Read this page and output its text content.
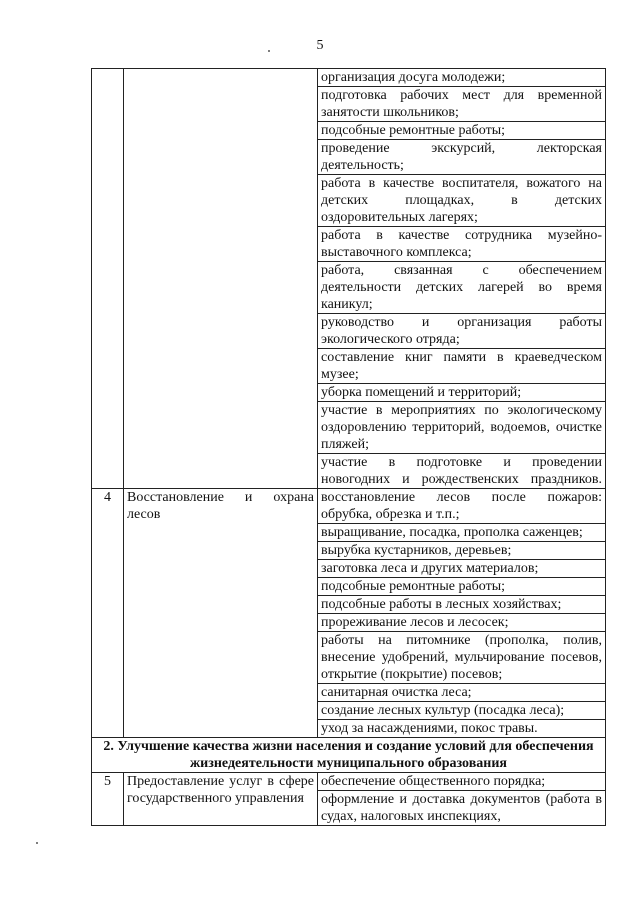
5
		организация досуга молодежи;
		подготовка рабочих мест для временной занятости школьников;
		подсобные ремонтные работы;
		проведение экскурсий, лекторская деятельность;
		работа в качестве воспитателя, вожатого на детских площадках, в детских оздоровительных лагерях;
		работа в качестве сотрудника музейно-выставочного комплекса;
		работа, связанная с обеспечением деятельности детских лагерей во время каникул;
		руководство и организация работы экологического отряда;
		составление книг памяти в краеведческом музее;
		уборка помещений и территорий;
		участие в мероприятиях по экологическому оздоровлению территорий, водоемов, очистке пляжей;
		участие в подготовке и проведении новогодних и рождественских праздников.
4	Восстановление и охрана лесов	восстановление лесов после пожаров: обрубка, обрезка и т.п.;
		выращивание, посадка, прополка саженцев;
		вырубка кустарников, деревьев;
		заготовка леса и других материалов;
		подсобные ремонтные работы;
		подсобные работы в лесных хозяйствах;
		прореживание лесов и лесосек;
		работы на питомнике (прополка, полив, внесение удобрений, мульчирование посевов, открытие (покрытие) посевов;
		санитарная очистка леса;
		создание лесных культур (посадка леса);
		уход за насаждениями, покос травы.
2. Улучшение качества жизни населения и создание условий для обеспечения жизнедеятельности муниципального образования		
5	Предоставление услуг в сфере государственного управления	обеспечение общественного порядка;
		оформление и доставка документов (работа в судах, налоговых инспекциях,
